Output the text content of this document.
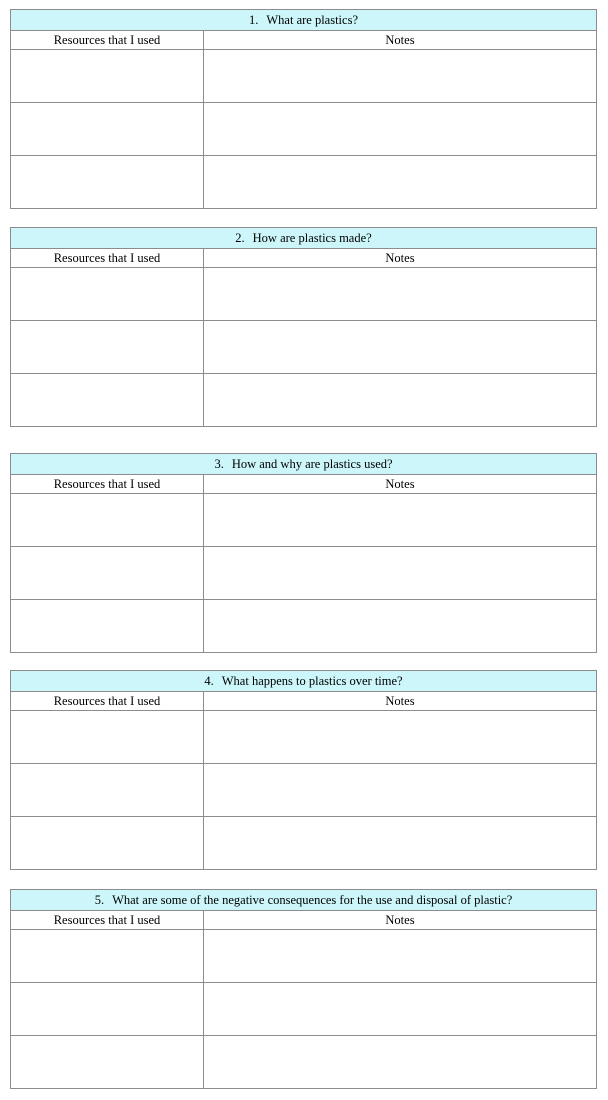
1. What are plastics?	
Resources that I used	Notes

2. How are plastics made?	
Resources that I used	Notes

3. How and why are plastics used?	
Resources that I used	Notes

4. What happens to plastics over time?	
Resources that I used	Notes

5. What are some of the negative consequences for the use and disposal of plastic?	
Resources that I used	Notes
